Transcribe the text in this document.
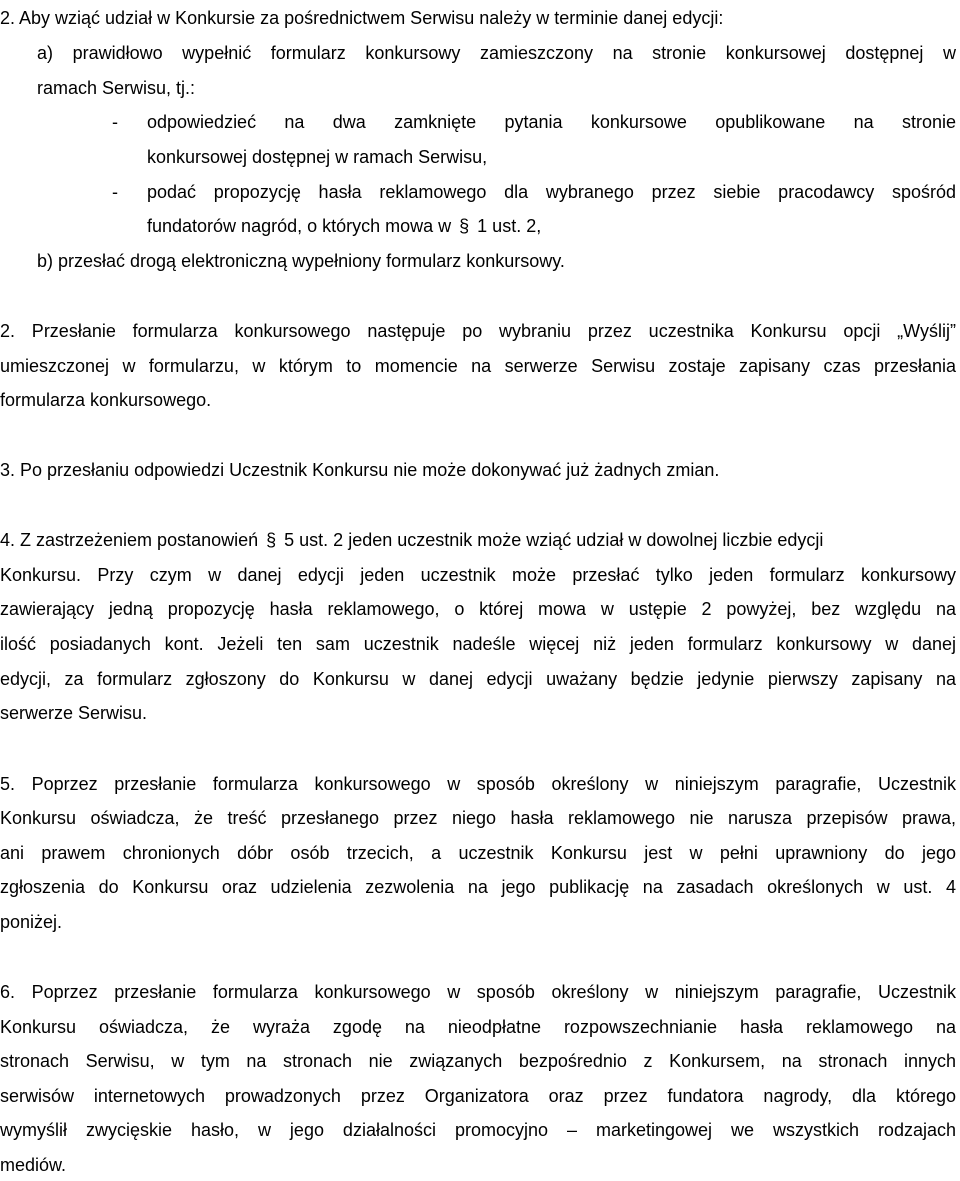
2. Aby wziąć udział w Konkursie za pośrednictwem Serwisu należy w terminie danej edycji:
a) prawidłowo wypełnić formularz konkursowy zamieszczony na stronie konkursowej dostępnej w
ramach Serwisu, tj.:
- odpowiedzieć na dwa zamknięte pytania konkursowe opublikowane na stronie
konkursowej dostępnej w ramach Serwisu,
- podać propozycję hasła reklamowego dla wybranego przez siebie pracodawcy spośród
fundatorów nagród, o których mowa w § 1 ust. 2,
b) przesłać drogą elektroniczną wypełniony formularz konkursowy.
2. Przesłanie formularza konkursowego następuje po wybraniu przez uczestnika Konkursu opcji „Wyślij”
umieszczonej w formularzu, w którym to momencie na serwerze Serwisu zostaje zapisany czas przesłania
formularza konkursowego.
3. Po przesłaniu odpowiedzi Uczestnik Konkursu nie może dokonywać już żadnych zmian.
4. Z zastrzeżeniem postanowień § 5 ust. 2 jeden uczestnik może wziąć udział w dowolnej liczbie edycji
Konkursu. Przy czym w danej edycji jeden uczestnik może przesłać tylko jeden formularz konkursowy
zawierający jedną propozycję hasła reklamowego, o której mowa w ustępie 2 powyżej, bez względu na
ilość posiadanych kont. Jeżeli ten sam uczestnik nadeśle więcej niż jeden formularz konkursowy w danej
edycji, za formularz zgłoszony do Konkursu w danej edycji uważany będzie jedynie pierwszy zapisany na
serwerze Serwisu.
5. Poprzez przesłanie formularza konkursowego w sposób określony w niniejszym paragrafie, Uczestnik
Konkursu oświadcza, że treść przesłanego przez niego hasła reklamowego nie narusza przepisów prawa,
ani prawem chronionych dóbr osób trzecich, a uczestnik Konkursu jest w pełni uprawniony do jego
zgłoszenia do Konkursu oraz udzielenia zezwolenia na jego publikację na zasadach określonych w ust. 4
poniżej.
6. Poprzez przesłanie formularza konkursowego w sposób określony w niniejszym paragrafie, Uczestnik
Konkursu oświadcza, że wyraża zgodę na nieodpłatne rozpowszechnianie hasła reklamowego na
stronach Serwisu, w tym na stronach nie związanych bezpośrednio z Konkursem, na stronach innych
serwisów internetowych prowadzonych przez Organizatora oraz przez fundatora nagrody, dla którego
wymyślił zwycięskie hasło, w jego działalności promocyjno – marketingowej we wszystkich rodzajach
mediów.
